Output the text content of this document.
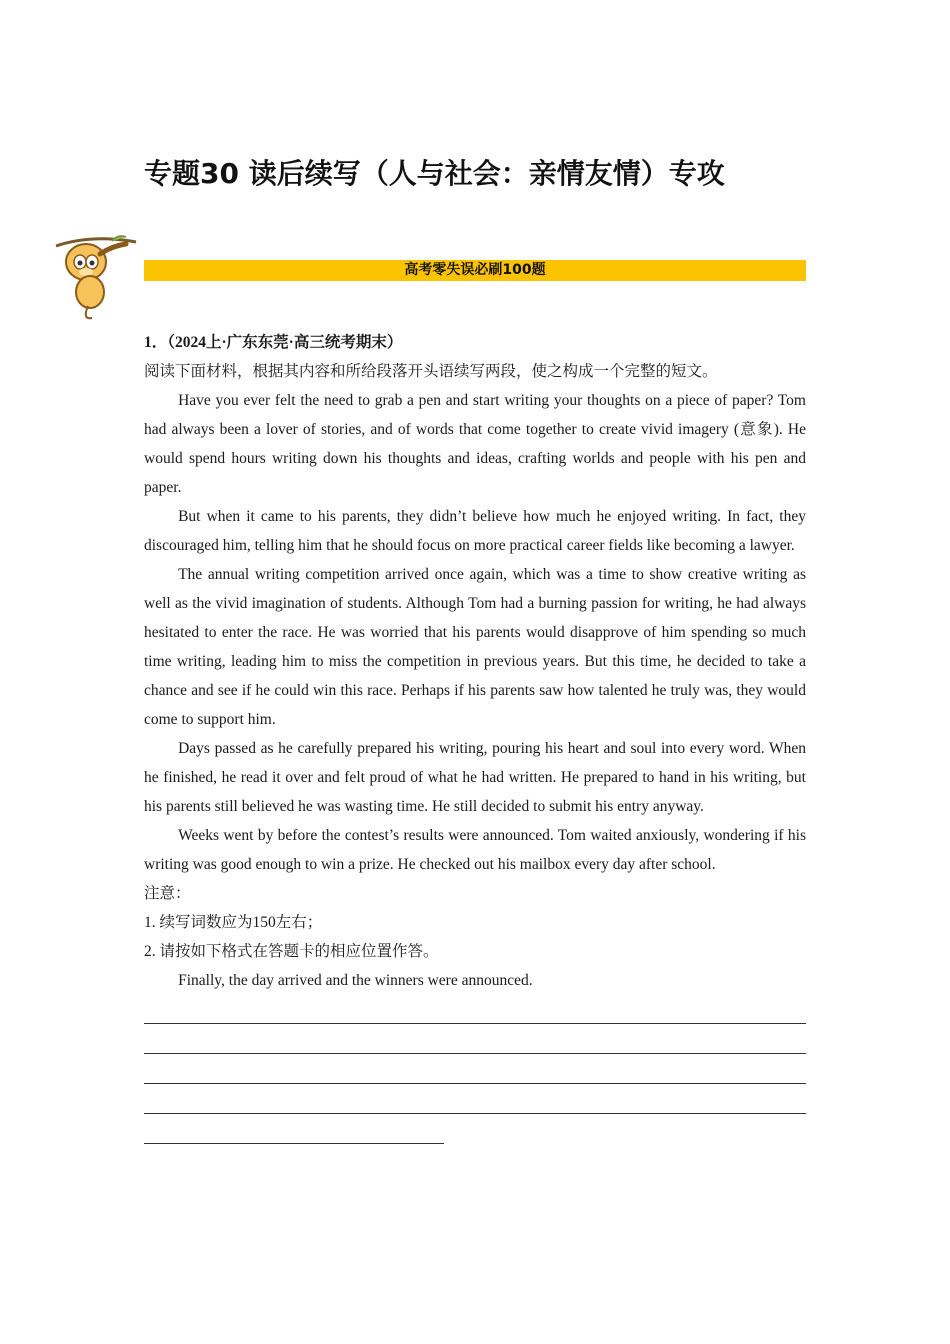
专题30 读后续写（人与社会：亲情友情）专攻
高考零失误必刷100题

1．（2024上·广东东莞·高三统考期末）

阅读下面材料，根据其内容和所给段落开头语续写两段，使之构成一个完整的短文。

Have you ever felt the need to grab a pen and start writing your thoughts on a piece of paper? Tom had always been a lover of stories, and of words that come together to create vivid imagery (意象). He would spend hours writing down his thoughts and ideas, crafting worlds and people with his pen and paper.

But when it came to his parents, they didn’t believe how much he enjoyed writing. In fact, they discouraged him, telling him that he should focus on more practical career fields like becoming a lawyer.

The annual writing competition arrived once again, which was a time to show creative writing as well as the vivid imagination of students. Although Tom had a burning passion for writing, he had always hesitated to enter the race. He was worried that his parents would disapprove of him spending so much time writing, leading him to miss the competition in previous years. But this time, he decided to take a chance and see if he could win this race. Perhaps if his parents saw how talented he truly was, they would come to support him.

Days passed as he carefully prepared his writing, pouring his heart and soul into every word. When he finished, he read it over and felt proud of what he had written. He prepared to hand in his writing, but his parents still believed he was wasting time. He still decided to submit his entry anyway.

Weeks went by before the contest’s results were announced. Tom waited anxiously, wondering if his writing was good enough to win a prize. He checked out his mailbox every day after school.

注意：

1. 续写词数应为150左右；

2. 请按如下格式在答题卡的相应位置作答。

Finally, the day arrived and the winners were announced.
